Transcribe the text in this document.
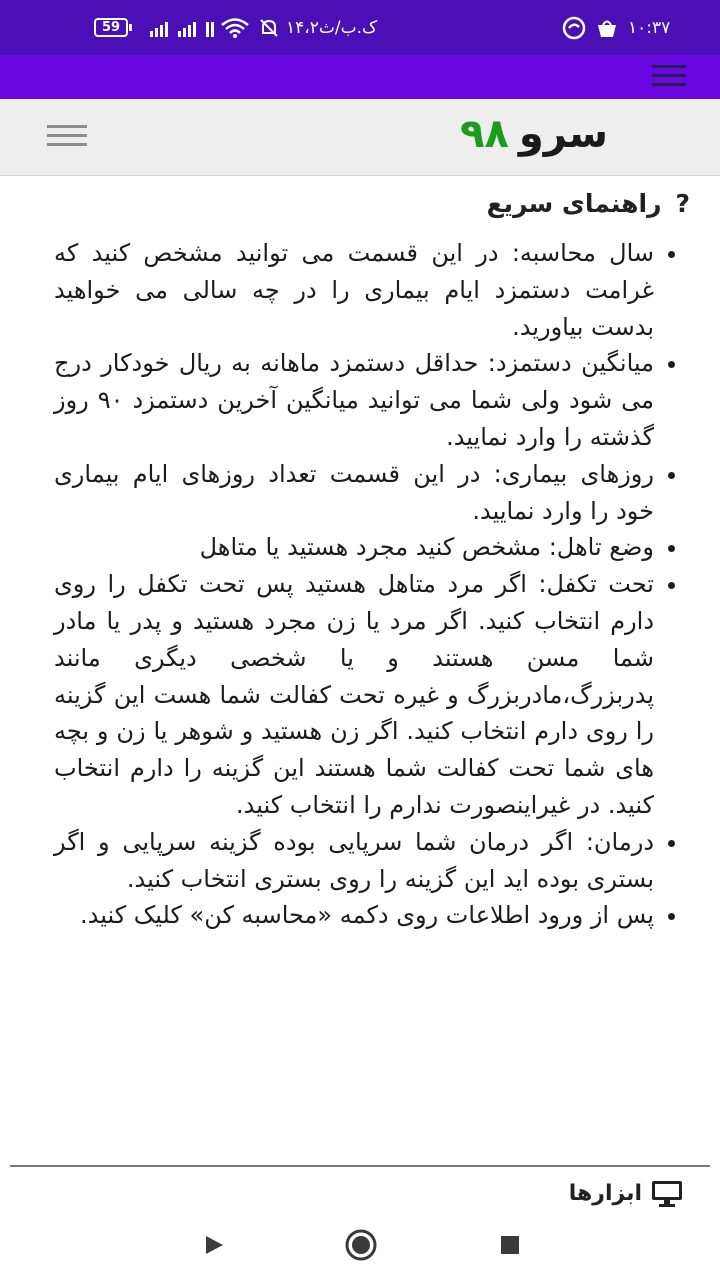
59	۱۴،۲ک.ب/ث	۱۰:۳۷
سرو۹۸
?راهنمای سریع
• سال محاسبه: در این قسمت می توانید مشخص کنید که غرامت دستمزد ایام بیماری را در چه سالی می خواهید بدست بیاورید.
• میانگین دستمزد: حداقل دستمزد ماهانه به ریال خودکار درج می شود ولی شما می توانید میانگین آخرین دستمزد ۹۰ روز گذشته را وارد نمایید.
• روزهای بیماری: در این قسمت تعداد روزهای ایام بیماری خود را وارد نمایید.
• وضع تاهل: مشخص کنید مجرد هستید یا متاهل
• تحت تکفل: اگر مرد متاهل هستید پس تحت تکفل را روی دارم انتخاب کنید. اگر مرد یا زن مجرد هستید و پدر یا مادر شما مسن هستند و یا شخصی دیگری مانند پدربزرگ،مادربزرگ و غیره تحت کفالت شما هست این گزینه را روی دارم انتخاب کنید. اگر زن هستید و شوهر یا زن و بچه های شما تحت کفالت شما هستند این گزینه را دارم انتخاب کنید. در غیراینصورت ندارم را انتخاب کنید.
• درمان: اگر درمان شما سرپایی بوده گزینه سرپایی و اگر بستری بوده اید این گزینه را روی بستری انتخاب کنید.
• پس از ورود اطلاعات روی دکمه «محاسبه کن» کلیک کنید.
ابزارها
